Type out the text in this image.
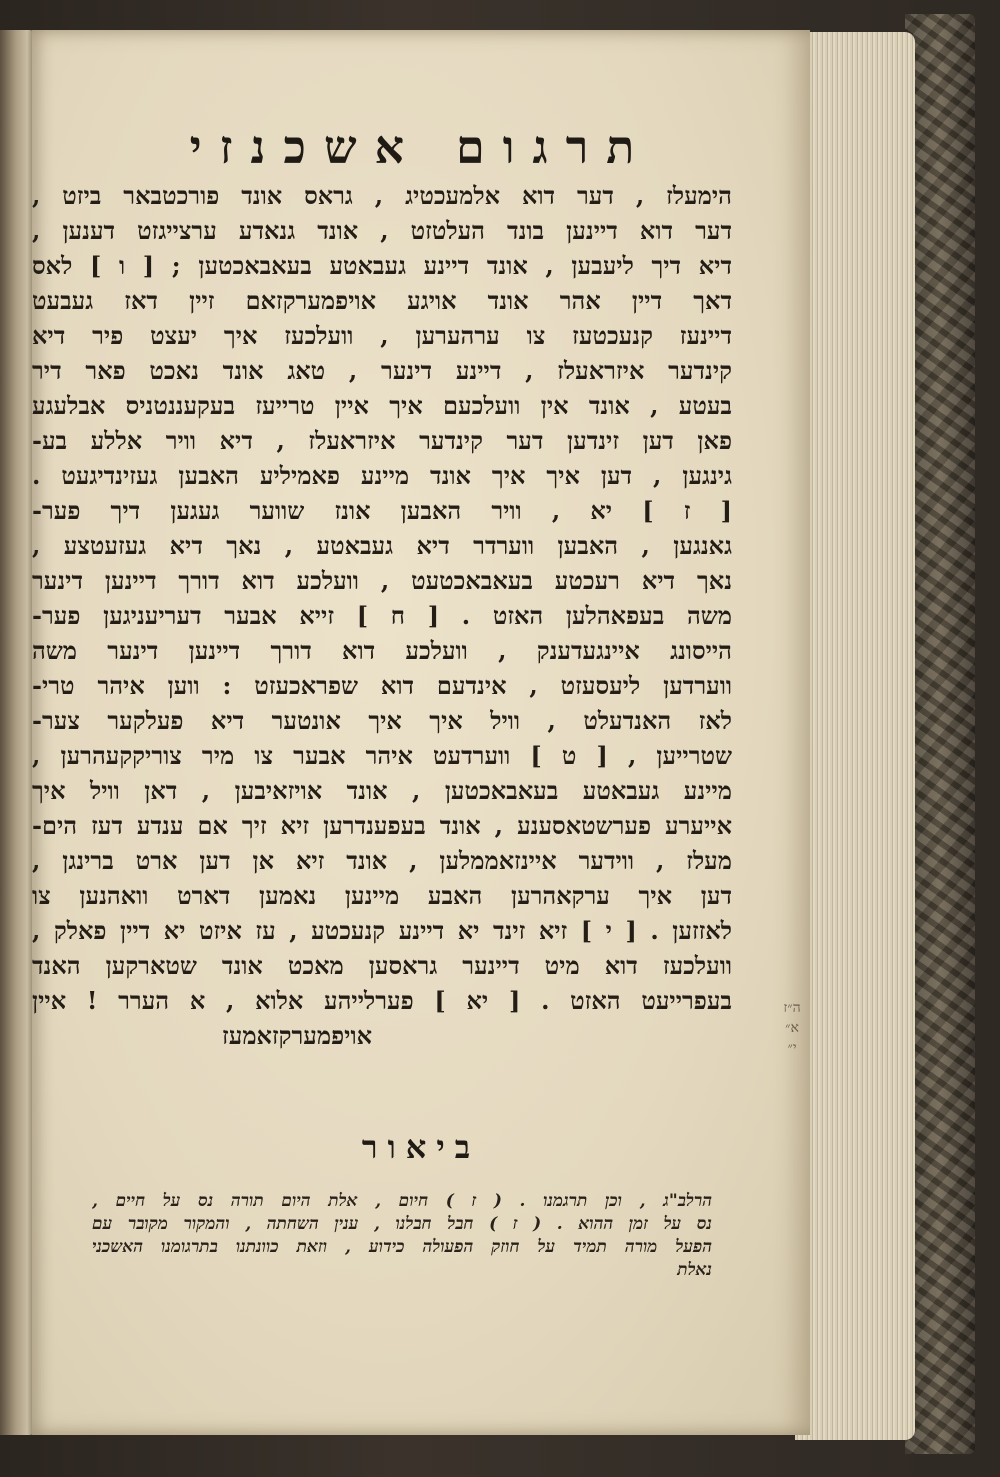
תרגום אשכנזי
הימעלז , דער דוא אלמעכטיג , גראס אונד פורכטבאר ביזט ,
דער דוא דיינען בונד העלטזט , אונד גנאדע ערצייגזט דענען ,
דיא דיך ליעבען , אונד דיינע געבאטע בעאבאכטען ; [ ו ] לאס
דאך דיין אהר אונד אויגע אויפמערקזאם זיין דאז געבעט
דיינעז קנעכטעז צו ערהערען , וועלכעז איך יעצט פיר דיא
קינדער איזראעלז , דיינע דינער , טאג אונד נאכט פאר דיר
בעטע , אונד אין וועלכעם איך איין טרייעז בעקעננטניס אבלעגע
פאן דען זינדען דער קינדער איזראעלז , דיא וויר אללע בע-
גינגען , דען איך איך אונד מיינע פאמיליע האבען געזינדיגעט .
[ ז ] יא , וויר האבען אונז שווער געגען דיך פער-
גאנגען , האבען ווערדר דיא געבאטע , נאך דיא געזעטצע ,
נאך דיא רעכטע בעאבאכטעט , וועלכע דוא דורך דיינען דינער
משה בעפאהלען האזט . [ ח ] זייא אבער דעריעניגען פער-
הייסונג איינגעדענק , וועלכע דוא דורך דיינען דינער משה
ווערדען ליעסעזט , אינדעם דוא שפראכעזט : ווען איהר טרי-
לאז האנדעלט , וויל איך איך אונטער דיא פעלקער צער-
שטרייען , [ ט ] ווערדעט איהר אבער צו מיר צוריקקעהרען ,
מיינע געבאטע בעאבאכטען , אונד אויזאיבען , דאן וויל איך
אייערע פערשטאסענע , אונד בעפענדרען זיא זיך אם ענדע דעז הים-
מעלז , ווידער איינזאממלען , אונד זיא אן דען ארט ברינגן ,
דען איך ערקאהרען האבע מיינען נאמען דארט וואהנען צו
לאזזען . [ י ] זיא זינד יא דיינע קנעכטע , עז איזט יא דיין פאלק ,
וועלכעז דוא מיט דיינער גראסען מאכט אונד שטארקען האנד
בעפרייעט האזט . [ יא ] פערלייהע אלוא , א הערר ! איין
אויפמערקזאמעז
ביאור
הרלב"ג , וכן תרגמנו . ( ז ) חיום , אלת היום תורה נס על חיים ,
נס על זמן ההוא . ( ז ) חבל חבלנו , ענין השחתה , והמקור מקובר עם
הפעל מורה תמיד על חוזק הפעולה כידוע , וזאת כוונתנו בתרגומנו האשכני
נאלת
ה״ז
א״
י״
